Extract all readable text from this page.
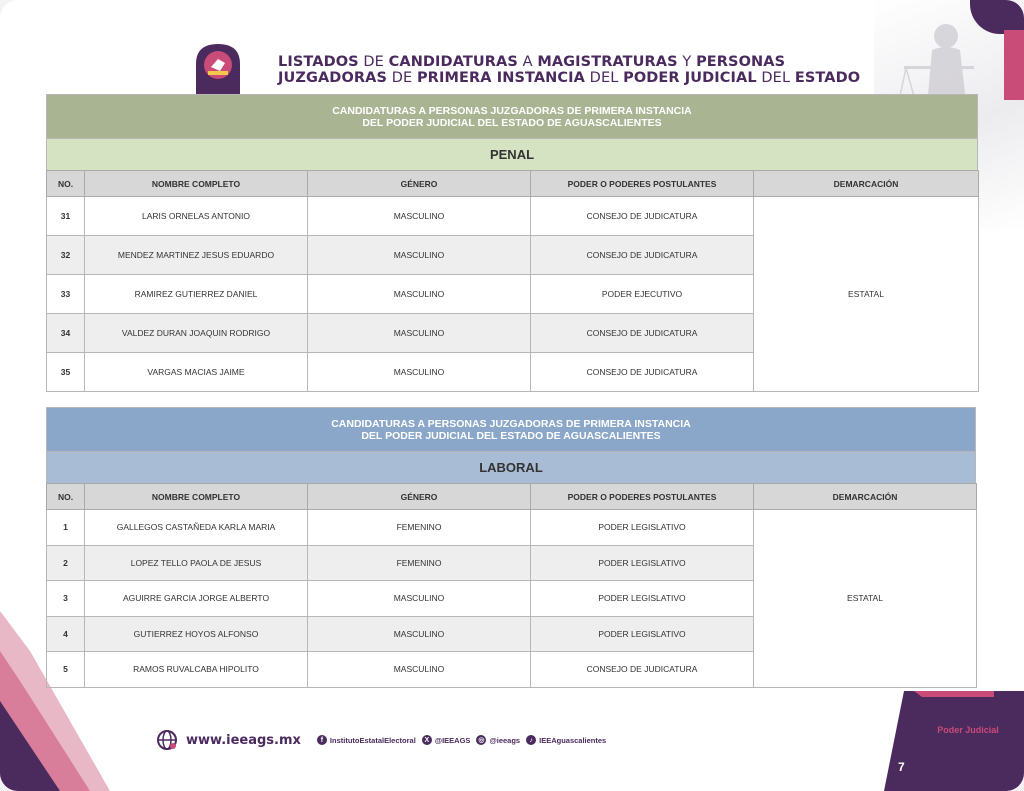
LISTADOS DE CANDIDATURAS A MAGISTRATURAS Y PERSONAS
JUZGADORAS DE PRIMERA INSTANCIA DEL PODER JUDICIAL DEL ESTADO
CANDIDATURAS A PERSONAS JUZGADORAS DE PRIMERA INSTANCIA
DEL PODER JUDICIAL DEL ESTADO DE AGUASCALIENTES
PENAL
NO.	NOMBRE COMPLETO	GÉNERO	PODER O PODERES POSTULANTES	DEMARCACIÓN
31	LARIS ORNELAS ANTONIO	MASCULINO	CONSEJO DE JUDICATURA	ESTATAL
32	MENDEZ MARTINEZ JESUS EDUARDO	MASCULINO	CONSEJO DE JUDICATURA	
33	RAMIREZ GUTIERREZ DANIEL	MASCULINO	PODER EJECUTIVO	
34	VALDEZ DURAN JOAQUIN RODRIGO	MASCULINO	CONSEJO DE JUDICATURA	
35	VARGAS MACIAS JAIME	MASCULINO	CONSEJO DE JUDICATURA	
CANDIDATURAS A PERSONAS JUZGADORAS DE PRIMERA INSTANCIA
DEL PODER JUDICIAL DEL ESTADO DE AGUASCALIENTES
LABORAL
NO.	NOMBRE COMPLETO	GÉNERO	PODER O PODERES POSTULANTES	DEMARCACIÓN
1	GALLEGOS CASTAÑEDA KARLA MARIA	FEMENINO	PODER LEGISLATIVO	ESTATAL
2	LOPEZ TELLO PAOLA DE JESUS	FEMENINO	PODER LEGISLATIVO	
3	AGUIRRE GARCIA JORGE ALBERTO	MASCULINO	PODER LEGISLATIVO	
4	GUTIERREZ HOYOS ALFONSO	MASCULINO	PODER LEGISLATIVO	
5	RAMOS RUVALCABA HIPOLITO	MASCULINO	CONSEJO DE JUDICATURA	
www.ieeags.mx	f InstitutoEstatalElectoral	X @IEEAGS ◎ @ieeags	♪ IEEAguascalientes
Proceso Electoral
Extraordinario del
Poder Judicial
Aguascalientes
2025
7
